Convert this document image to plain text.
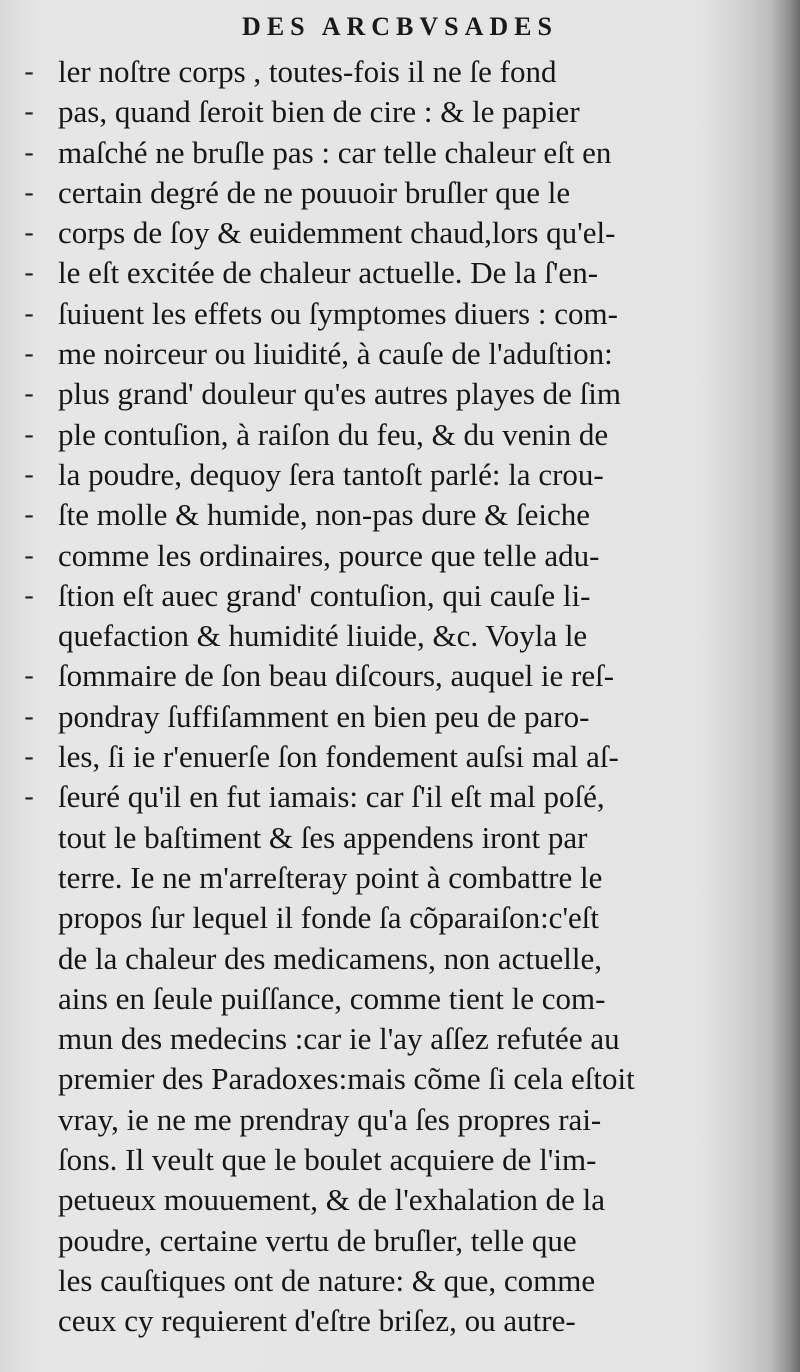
DES ARCBVSADES
- ler noſtre corps , toutes-fois il ne ſe fond
- pas, quand ſeroit bien de cire : & le papier
- maſché ne bruſle pas : car telle chaleur eſt en
- certain degré de ne pouuoir bruſler que le
- corps de ſoy & euidemment chaud,lors qu'el-
- le eſt excitée de chaleur actuelle. De la ſ'en-
- ſuiuent les effets ou ſymptomes diuers : com-
- me noirceur ou liuidité, à cauſe de l'aduſtion:
- plus grand' douleur qu'es autres playes de ſim
- ple contuſion, à raiſon du feu, & du venin de
- la poudre, dequoy ſera tantoſt parlé: la crou-
- ſte molle & humide, non-pas dure & ſeiche
- comme les ordinaires, pource que telle adu-
- ſtion eſt auec grand' contuſion, qui cauſe li-
quefaction & humidité liuide, &c. Voyla le
- ſommaire de ſon beau diſcours, auquel ie reſ-
- pondray ſuffiſamment en bien peu de paro-
- les, ſi ie r'enuerſe ſon fondement auſsi mal aſ-
- ſeuré qu'il en fut iamais: car ſ'il eſt mal poſé,
tout le baſtiment & ſes appendens iront par
terre. Ie ne m'arreſteray point à combattre le
propos ſur lequel il fonde ſa cõparaiſon:c'eſt
de la chaleur des medicamens, non actuelle,
ains en ſeule puiſſance, comme tient le com-
mun des medecins :car ie l'ay aſſez refutée au
premier des Paradoxes:mais cõme ſi cela eſtoit
vray, ie ne me prendray qu'a ſes propres rai-
ſons. Il veult que le boulet acquiere de l'im-
petueux mouuement, & de l'exhalation de la
poudre, certaine vertu de bruſler, telle que
les cauſtiques ont de nature: & que, comme
ceux cy requierent d'eſtre briſez, ou autre-
